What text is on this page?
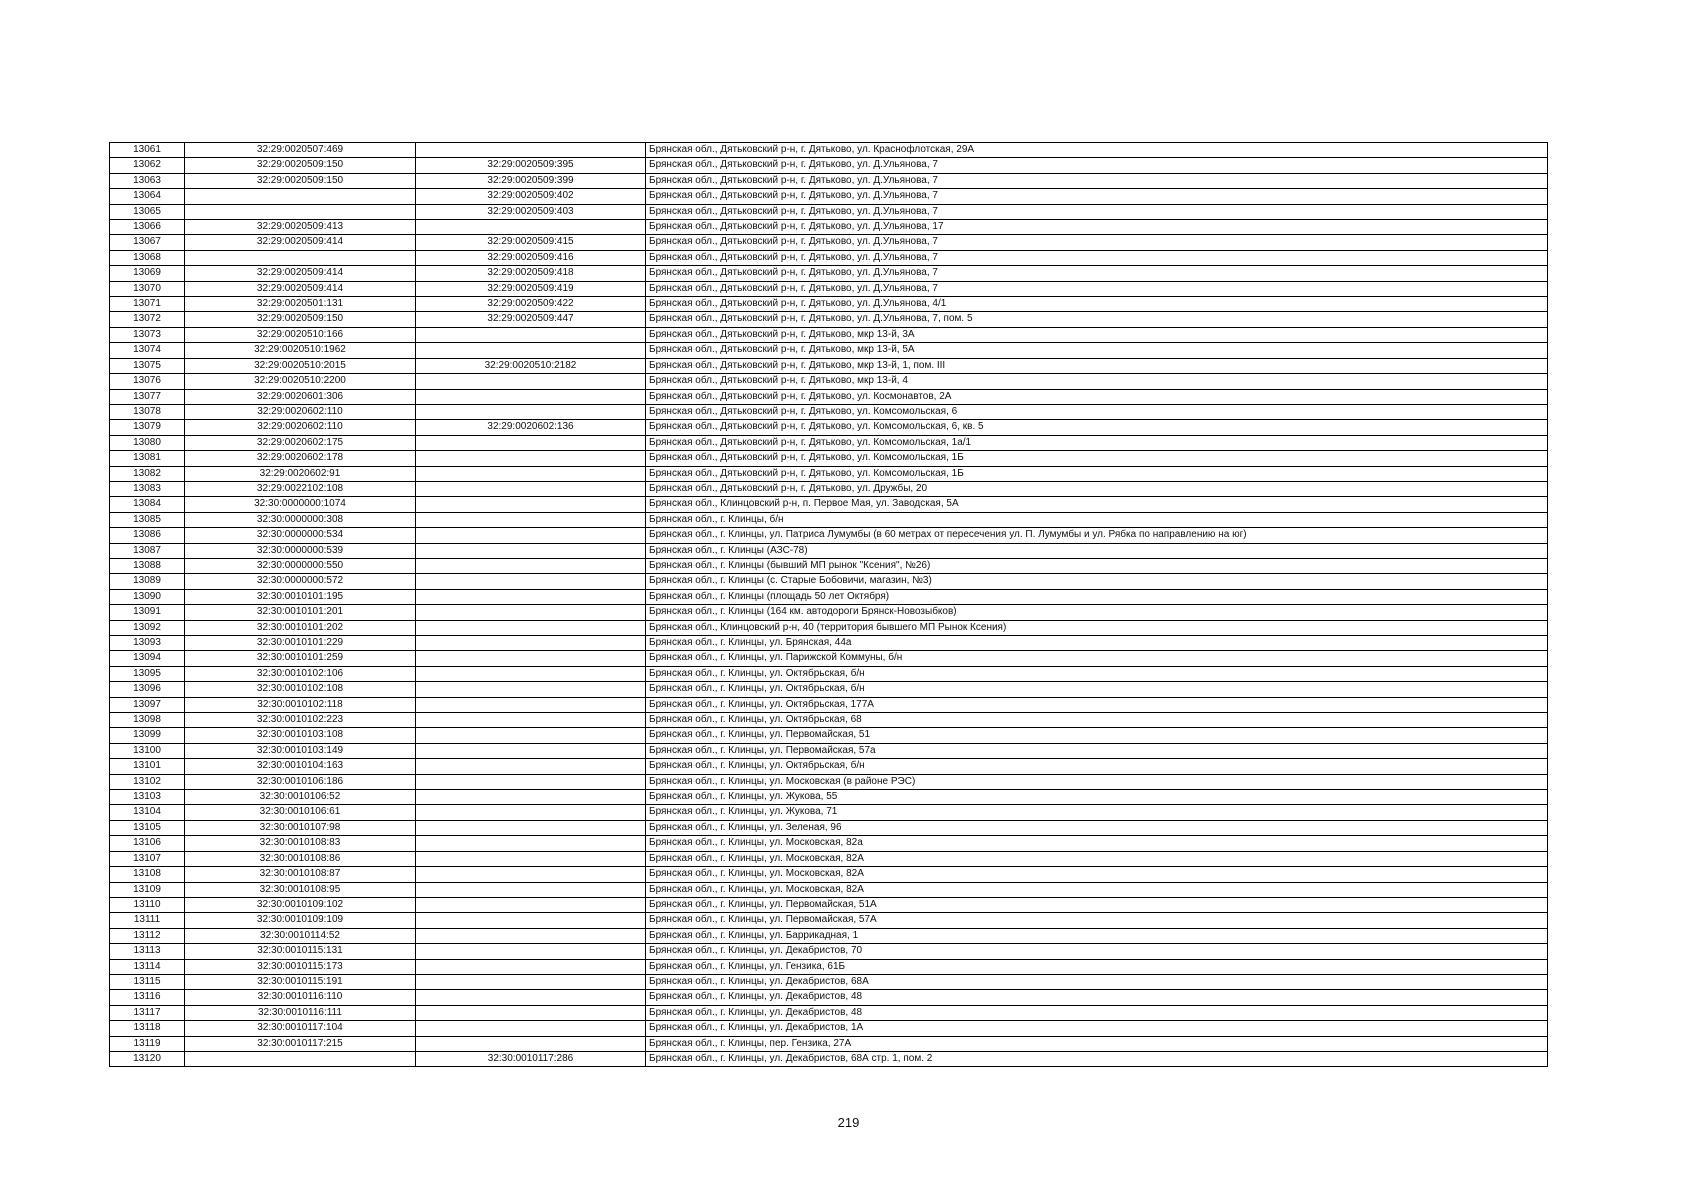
13061	32:29:0020507:469		Брянская обл., Дятьковский р-н, г. Дятьково, ул. Краснофлотская, 29А
13062	32:29:0020509:150	32:29:0020509:395	Брянская обл., Дятьковский р-н, г. Дятьково, ул. Д.Ульянова, 7
13063	32:29:0020509:150	32:29:0020509:399	Брянская обл., Дятьковский р-н, г. Дятьково, ул. Д.Ульянова, 7
13064		32:29:0020509:402	Брянская обл., Дятьковский р-н, г. Дятьково, ул. Д.Ульянова, 7
13065		32:29:0020509:403	Брянская обл., Дятьковский р-н, г. Дятьково, ул. Д.Ульянова, 7
13066	32:29:0020509:413		Брянская обл., Дятьковский р-н, г. Дятьково, ул. Д.Ульянова, 17
13067	32:29:0020509:414	32:29:0020509:415	Брянская обл., Дятьковский р-н, г. Дятьково, ул. Д.Ульянова, 7
13068		32:29:0020509:416	Брянская обл., Дятьковский р-н, г. Дятьково, ул. Д.Ульянова, 7
13069	32:29:0020509:414	32:29:0020509:418	Брянская обл., Дятьковский р-н, г. Дятьково, ул. Д.Ульянова, 7
13070	32:29:0020509:414	32:29:0020509:419	Брянская обл., Дятьковский р-н, г. Дятьково, ул. Д.Ульянова, 7
13071	32:29:0020501:131	32:29:0020509:422	Брянская обл., Дятьковский р-н, г. Дятьково, ул. Д.Ульянова, 4/1
13072	32:29:0020509:150	32:29:0020509:447	Брянская обл., Дятьковский р-н, г. Дятьково, ул. Д.Ульянова, 7, пом. 5
13073	32:29:0020510:166		Брянская обл., Дятьковский р-н, г. Дятьково, мкр 13-й, 3А
13074	32:29:0020510:1962		Брянская обл., Дятьковский р-н, г. Дятьково, мкр 13-й, 5А
13075	32:29:0020510:2015	32:29:0020510:2182	Брянская обл., Дятьковский р-н, г. Дятьково, мкр 13-й, 1, пом. III
13076	32:29:0020510:2200		Брянская обл., Дятьковский р-н, г. Дятьково, мкр 13-й, 4
13077	32:29:0020601:306		Брянская обл., Дятьковский р-н, г. Дятьково, ул. Космонавтов, 2А
13078	32:29:0020602:110		Брянская обл., Дятьковский р-н, г. Дятьково, ул. Комсомольская, 6
13079	32:29:0020602:110	32:29:0020602:136	Брянская обл., Дятьковский р-н, г. Дятьково, ул. Комсомольская, 6, кв. 5
13080	32:29:0020602:175		Брянская обл., Дятьковский р-н, г. Дятьково, ул. Комсомольская, 1а/1
13081	32:29:0020602:178		Брянская обл., Дятьковский р-н, г. Дятьково, ул. Комсомольская, 1Б
13082	32:29:0020602:91		Брянская обл., Дятьковский р-н, г. Дятьково, ул. Комсомольская, 1Б
13083	32:29:0022102:108		Брянская обл., Дятьковский р-н, г. Дятьково, ул. Дружбы, 20
13084	32:30:0000000:1074		Брянская обл., Клинцовский р-н, п. Первое Мая, ул. Заводская, 5А
13085	32:30:0000000:308		Брянская обл., г. Клинцы, б/н
13086	32:30:0000000:534		Брянская обл., г. Клинцы, ул. Патриса Лумумбы (в 60 метрах от пересечения ул. П. Лумумбы и ул. Рябка по направлению на юг)
13087	32:30:0000000:539		Брянская обл., г. Клинцы (АЗС-78)
13088	32:30:0000000:550		Брянская обл., г. Клинцы (бывший МП рынок "Ксения", №26)
13089	32:30:0000000:572		Брянская обл., г. Клинцы (с. Старые Бобовичи, магазин, №3)
13090	32:30:0010101:195		Брянская обл., г. Клинцы (площадь 50 лет Октября)
13091	32:30:0010101:201		Брянская обл., г. Клинцы (164 км. автодороги Брянск-Новозыбков)
13092	32:30:0010101:202		Брянская обл., Клинцовский р-н, 40 (территория бывшего МП Рынок Ксения)
13093	32:30:0010101:229		Брянская обл., г. Клинцы, ул. Брянская, 44а
13094	32:30:0010101:259		Брянская обл., г. Клинцы, ул. Парижской Коммуны, б/н
13095	32:30:0010102:106		Брянская обл., г. Клинцы, ул. Октябрьская, б/н
13096	32:30:0010102:108		Брянская обл., г. Клинцы, ул. Октябрьская, б/н
13097	32:30:0010102:118		Брянская обл., г. Клинцы, ул. Октябрьская, 177А
13098	32:30:0010102:223		Брянская обл., г. Клинцы, ул. Октябрьская, 68
13099	32:30:0010103:108		Брянская обл., г. Клинцы, ул. Первомайская, 51
13100	32:30:0010103:149		Брянская обл., г. Клинцы, ул. Первомайская, 57а
13101	32:30:0010104:163		Брянская обл., г. Клинцы, ул. Октябрьская, б/н
13102	32:30:0010106:186		Брянская обл., г. Клинцы, ул. Московская (в районе РЭС)
13103	32:30:0010106:52		Брянская обл., г. Клинцы, ул. Жукова, 55
13104	32:30:0010106:61		Брянская обл., г. Клинцы, ул. Жукова, 71
13105	32:30:0010107:98		Брянская обл., г. Клинцы, ул. Зеленая, 96
13106	32:30:0010108:83		Брянская обл., г. Клинцы, ул. Московская, 82а
13107	32:30:0010108:86		Брянская обл., г. Клинцы, ул. Московская, 82А
13108	32:30:0010108:87		Брянская обл., г. Клинцы, ул. Московская, 82А
13109	32:30:0010108:95		Брянская обл., г. Клинцы, ул. Московская, 82А
13110	32:30:0010109:102		Брянская обл., г. Клинцы, ул. Первомайская, 51А
13111	32:30:0010109:109		Брянская обл., г. Клинцы, ул. Первомайская, 57А
13112	32:30:0010114:52		Брянская обл., г. Клинцы, ул. Баррикадная, 1
13113	32:30:0010115:131		Брянская обл., г. Клинцы, ул. Декабристов, 70
13114	32:30:0010115:173		Брянская обл., г. Клинцы, ул. Гензика, 61Б
13115	32:30:0010115:191		Брянская обл., г. Клинцы, ул. Декабристов, 68А
13116	32:30:0010116:110		Брянская обл., г. Клинцы, ул. Декабристов, 48
13117	32:30:0010116:111		Брянская обл., г. Клинцы, ул. Декабристов, 48
13118	32:30:0010117:104		Брянская обл., г. Клинцы, ул. Декабристов, 1А
13119	32:30:0010117:215		Брянская обл., г. Клинцы, пер. Гензика, 27А
13120		32:30:0010117:286	Брянская обл., г. Клинцы, ул. Декабристов, 68А стр. 1, пом. 2
219
